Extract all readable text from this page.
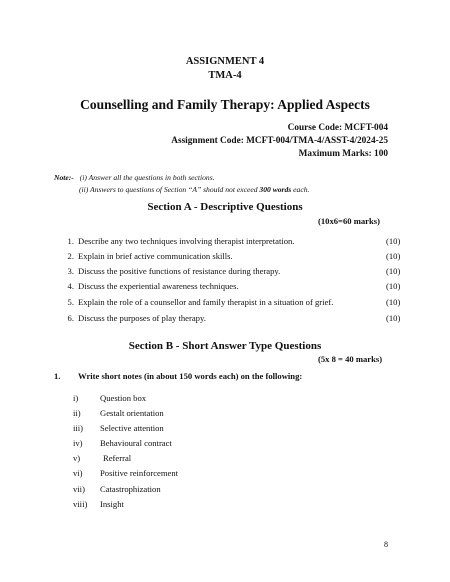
ASSIGNMENT 4
TMA-4
Counselling and Family Therapy: Applied Aspects
Course Code: MCFT-004
Assignment Code: MCFT-004/TMA-4/ASST-4/2024-25
Maximum Marks: 100
Note:- (i) Answer all the questions in both sections.
(ii) Answers to questions of Section “A” should not exceed 300 words each.
Section A - Descriptive Questions
(10x6=60 marks)
1. Describe any two techniques involving therapist interpretation.	(10)
2. Explain in brief active communication skills.	(10)
3. Discuss the positive functions of resistance during therapy.	(10)
4. Discuss the experiential awareness techniques.	(10)
5. Explain the role of a counsellor and family therapist in a situation of grief.	(10)
6. Discuss the purposes of play therapy.	(10)
Section B - Short Answer Type Questions
(5x 8 = 40 marks)
1. Write short notes (in about 150 words each) on the following:
i)	Question box
ii) Gestalt orientation
iii) Selective attention
iv) Behavioural contract
v)	Referral
vi) Positive reinforcement
vii) Catastrophization
viii) Insight
8
